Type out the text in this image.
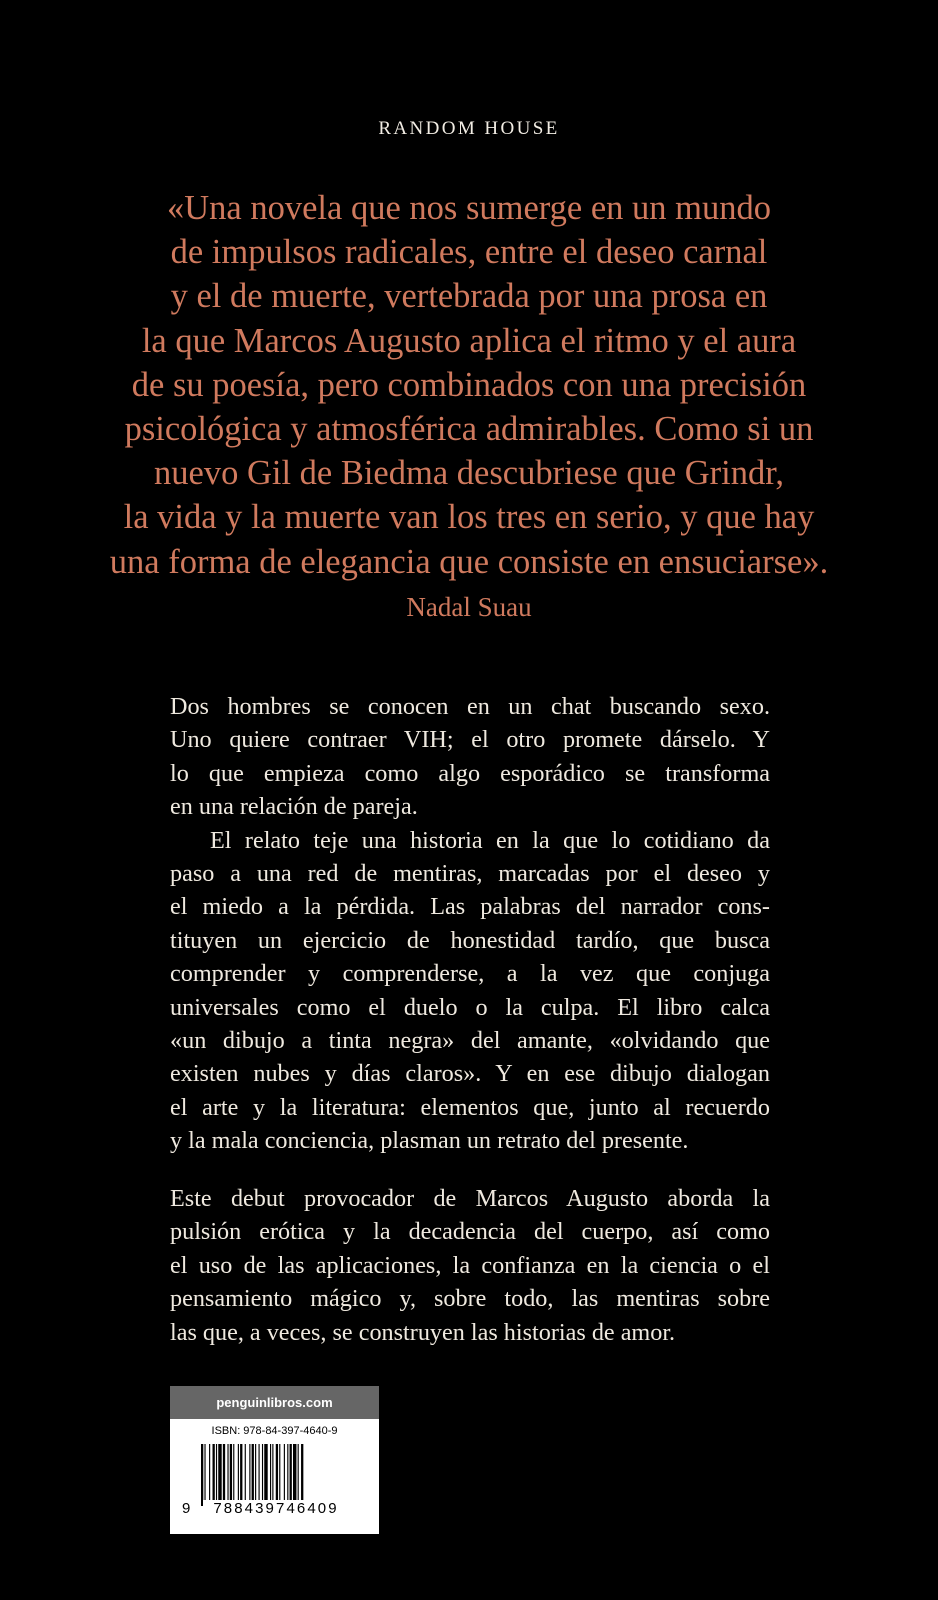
RANDOM HOUSE
«Una novela que nos sumerge en un mundo
de impulsos radicales, entre el deseo carnal
y el de muerte, vertebrada por una prosa en
la que Marcos Augusto aplica el ritmo y el aura
de su poesía, pero combinados con una precisión
psicológica y atmosférica admirables. Como si un
nuevo Gil de Biedma descubriese que Grindr,
la vida y la muerte van los tres en serio, y que hay
una forma de elegancia que consiste en ensuciarse».
Nadal Suau
Dos hombres se conocen en un chat buscando sexo.
Uno quiere contraer VIH; el otro promete dárselo. Y
lo que empieza como algo esporádico se transforma
en una relación de pareja.
El relato teje una historia en la que lo cotidiano da
paso a una red de mentiras, marcadas por el deseo y
el miedo a la pérdida. Las palabras del narrador cons-
tituyen un ejercicio de honestidad tardío, que busca
comprender y comprenderse, a la vez que conjuga
universales como el duelo o la culpa. El libro calca
«un dibujo a tinta negra» del amante, «olvidando que
existen nubes y días claros». Y en ese dibujo dialogan
el arte y la literatura: elementos que, junto al recuerdo
y la mala conciencia, plasman un retrato del presente.
Este debut provocador de Marcos Augusto aborda la
pulsión erótica y la decadencia del cuerpo, así como
el uso de las aplicaciones, la confianza en la ciencia o el
pensamiento mágico y, sobre todo, las mentiras sobre
las que, a veces, se construyen las historias de amor.
penguinlibros.com
ISBN: 978-84-397-4640-9
9	788439746409
